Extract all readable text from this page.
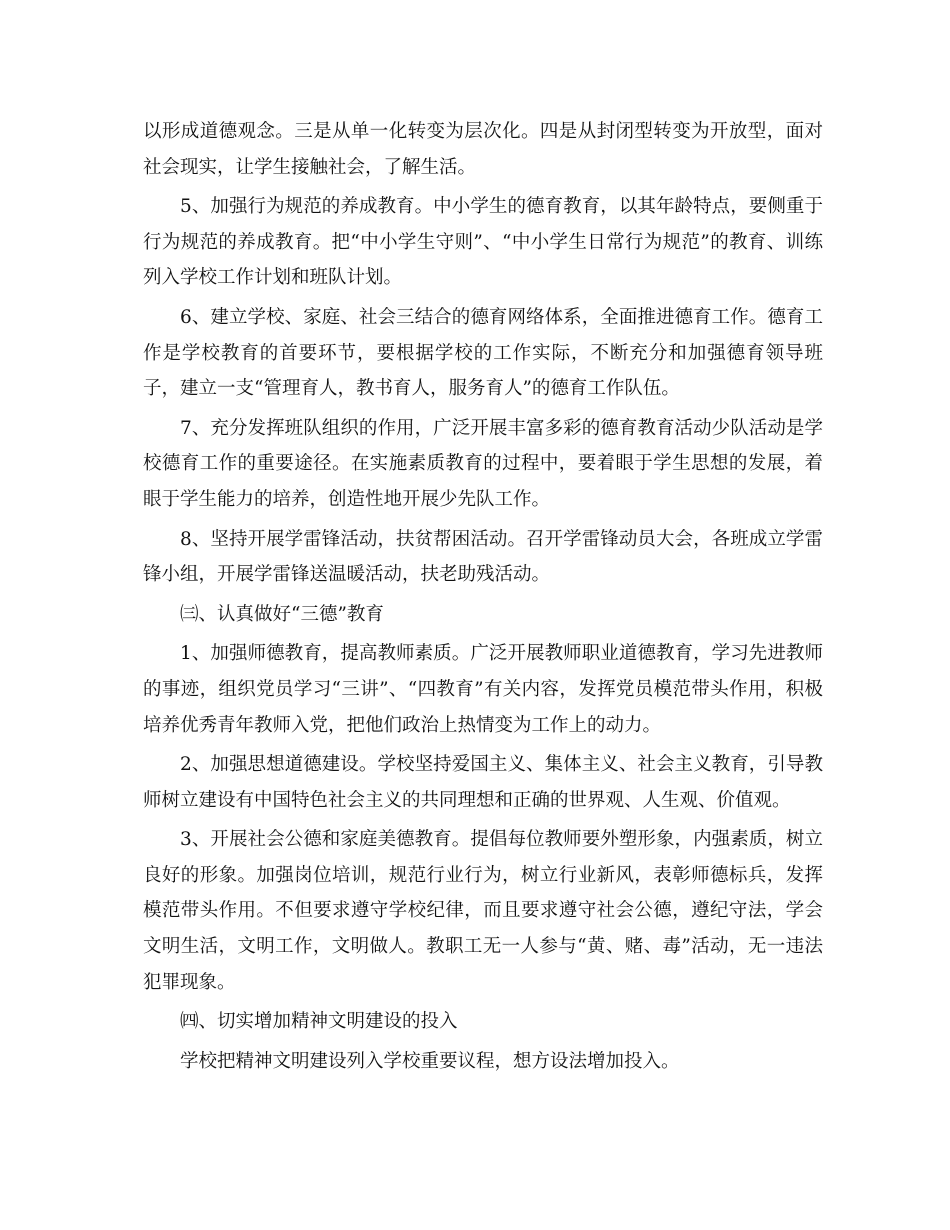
以形成道德观念。三是从单一化转变为层次化。四是从封闭型转变为开放型，面对社会现实，让学生接触社会，了解生活。

5、加强行为规范的养成教育。中小学生的德育教育，以其年龄特点，要侧重于行为规范的养成教育。把“中小学生守则”、“中小学生日常行为规范”的教育、训练列入学校工作计划和班队计划。

6、建立学校、家庭、社会三结合的德育网络体系，全面推进德育工作。德育工作是学校教育的首要环节，要根据学校的工作实际，不断充分和加强德育领导班子，建立一支“管理育人，教书育人，服务育人”的德育工作队伍。

7、充分发挥班队组织的作用，广泛开展丰富多彩的德育教育活动少队活动是学校德育工作的重要途径。在实施素质教育的过程中，要着眼于学生思想的发展，着眼于学生能力的培养，创造性地开展少先队工作。

8、坚持开展学雷锋活动，扶贫帮困活动。召开学雷锋动员大会，各班成立学雷锋小组，开展学雷锋送温暖活动，扶老助残活动。

㈢、认真做好“三德”教育

1、加强师德教育，提高教师素质。广泛开展教师职业道德教育，学习先进教师的事迹，组织党员学习“三讲”、“四教育”有关内容，发挥党员模范带头作用，积极培养优秀青年教师入党，把他们政治上热情变为工作上的动力。

2、加强思想道德建设。学校坚持爱国主义、集体主义、社会主义教育，引导教师树立建设有中国特色社会主义的共同理想和正确的世界观、人生观、价值观。

3、开展社会公德和家庭美德教育。提倡每位教师要外塑形象，内强素质，树立良好的形象。加强岗位培训，规范行业行为，树立行业新风，表彰师德标兵，发挥模范带头作用。不但要求遵守学校纪律，而且要求遵守社会公德，遵纪守法，学会文明生活，文明工作，文明做人。教职工无一人参与“黄、赌、毒”活动，无一违法犯罪现象。

㈣、切实增加精神文明建设的投入

学校把精神文明建设列入学校重要议程，想方设法增加投入。
